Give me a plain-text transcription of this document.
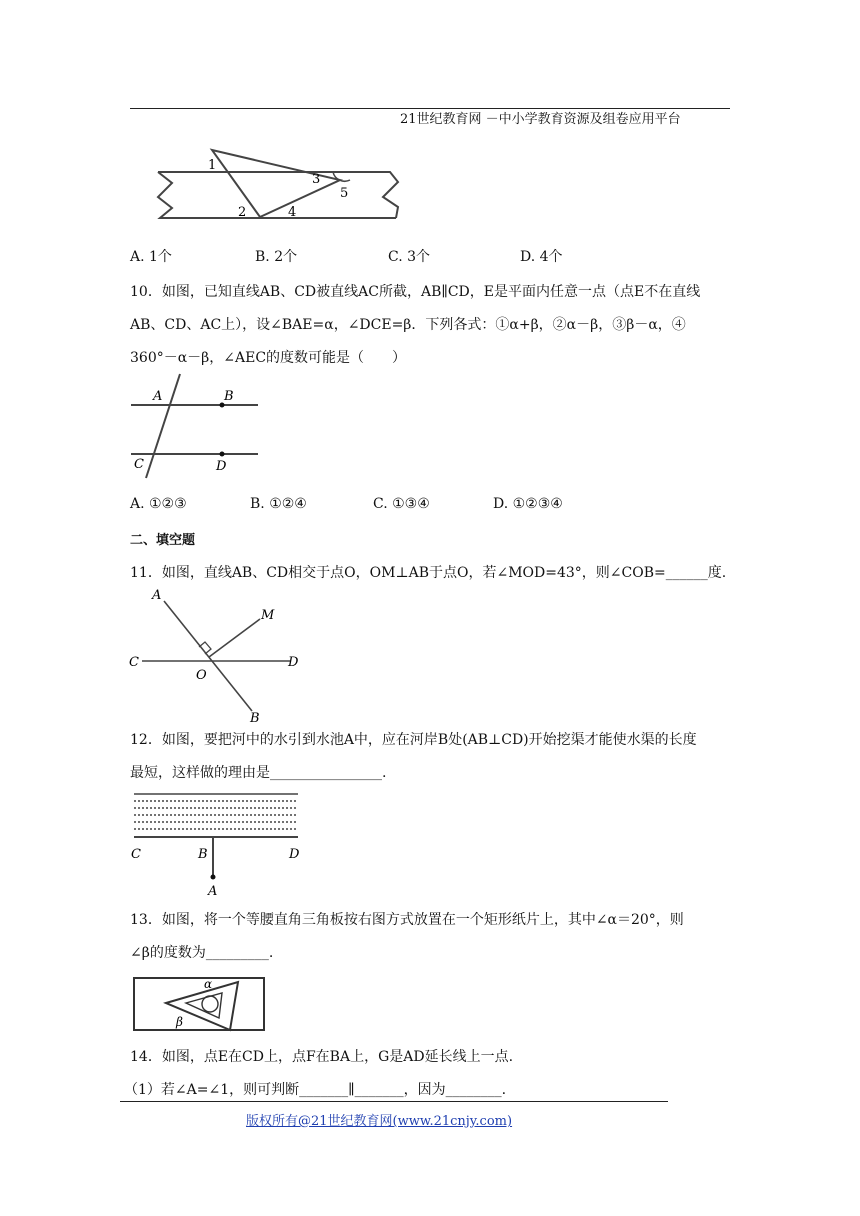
21世纪教育网 －中小学教育资源及组卷应用平台
1
2
3
4
5
A. 1个	B. 2个	C. 3个	D. 4个
10．如图，已知直线AB、CD被直线AC所截，AB∥CD，E是平面内任意一点（点E不在直线
AB、CD、AC上），设∠BAE=α，∠DCE=β．下列各式：①α+β，②α－β，③β－α，④
360°－α－β，∠AEC的度数可能是（　　）
A	B
C	D
A. ①②③	B. ①②④	C. ①③④	D. ①②③④
二、填空题
11．如图，直线AB、CD相交于点O，OM⊥AB于点O，若∠MOD=43°，则∠COB=______度.
A
M
C
O
D
B
12．如图，要把河中的水引到水池A中，应在河岸B处(AB⊥CD)开始挖渠才能使水渠的长度
最短，这样做的理由是________________.
C	B	D
A
13．如图，将一个等腰直角三角板按右图方式放置在一个矩形纸片上，其中∠α＝20°，则
∠β的度数为_________.
α
β
14．如图，点E在CD上，点F在BA上，G是AD延长线上一点.
（1）若∠A=∠1，则可判断_______∥_______，因为________.
版权所有@21世纪教育网(www.21cnjy.com)
